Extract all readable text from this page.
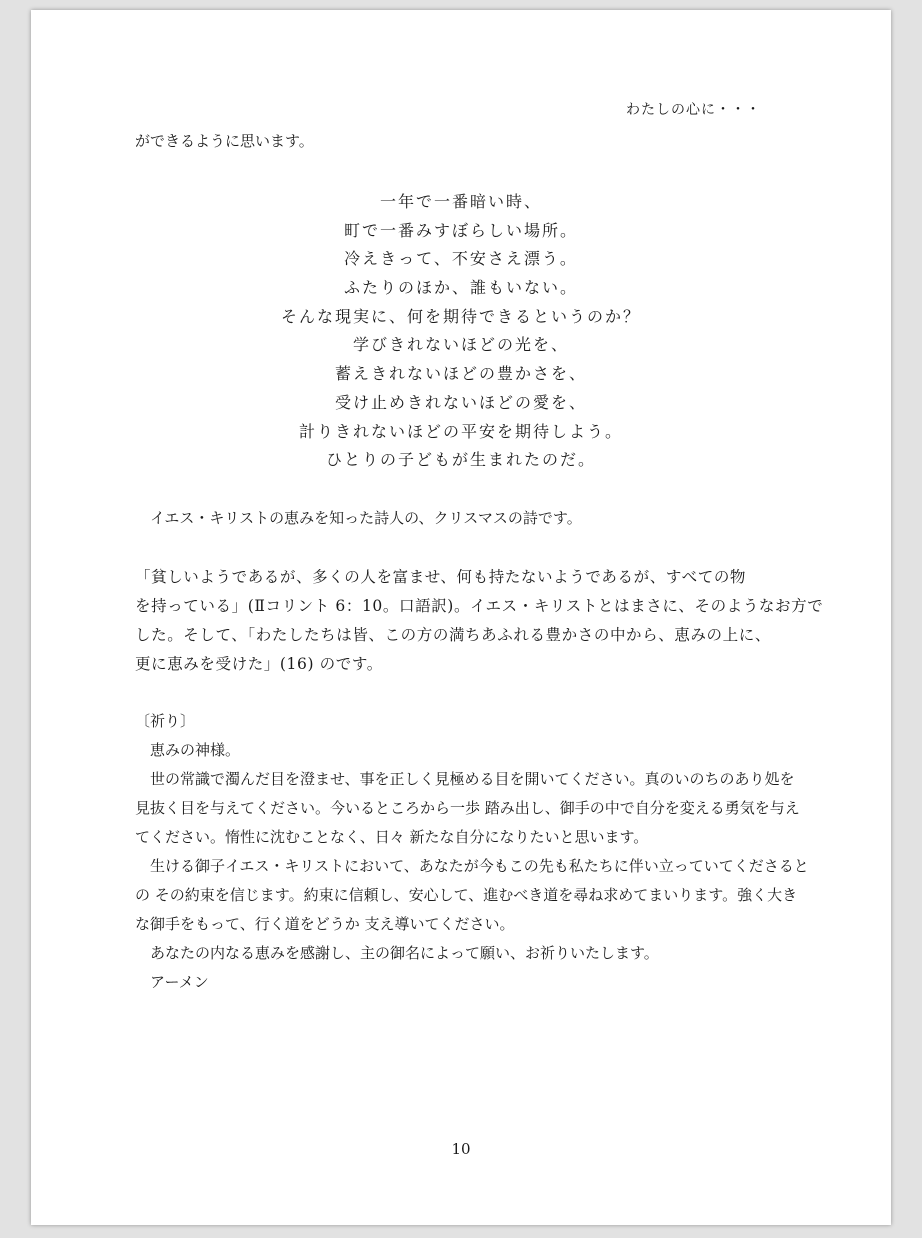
わたしの心に・・・
ができるように思います。
一年で一番暗い時、
町で一番みすぼらしい場所。
冷えきって、不安さえ漂う。
ふたりのほか、誰もいない。
そんな現実に、何を期待できるというのか？
学びきれないほどの光を、
蓄えきれないほどの豊かさを、
受け止めきれないほどの愛を、
計りきれないほどの平安を期待しよう。
ひとりの子どもが生まれたのだ。
イエス・キリストの恵みを知った詩人の、クリスマスの詩です。
「貧しいようであるが、多くの人を富ませ、何も持たないようであるが、すべての物
を持っている」(Ⅱコリント 6：10。口語訳)。イエス・キリストとはまさに、そのようなお方で
した。そして、「わたしたちは皆、この方の満ちあふれる豊かさの中から、恵みの上に、
更に恵みを受けた」(16) のです。
〔祈り〕
恵みの神様。
世の常識で濁んだ目を澄ませ、事を正しく見極める目を開いてください。真のいのちのあり処を
見抜く目を与えてください。今いるところから一歩 踏み出し、御手の中で自分を変える勇気を与え
てください。惰性に沈むことなく、日々 新たな自分になりたいと思います。
生ける御子イエス・キリストにおいて、あなたが今もこの先も私たちに伴い立っていてくださると
の その約束を信じます。約束に信頼し、安心して、進むべき道を尋ね求めてまいります。強く大き
な御手をもって、行く道をどうか 支え導いてください。
あなたの内なる恵みを感謝し、主の御名によって願い、お祈りいたします。
アーメン
10
